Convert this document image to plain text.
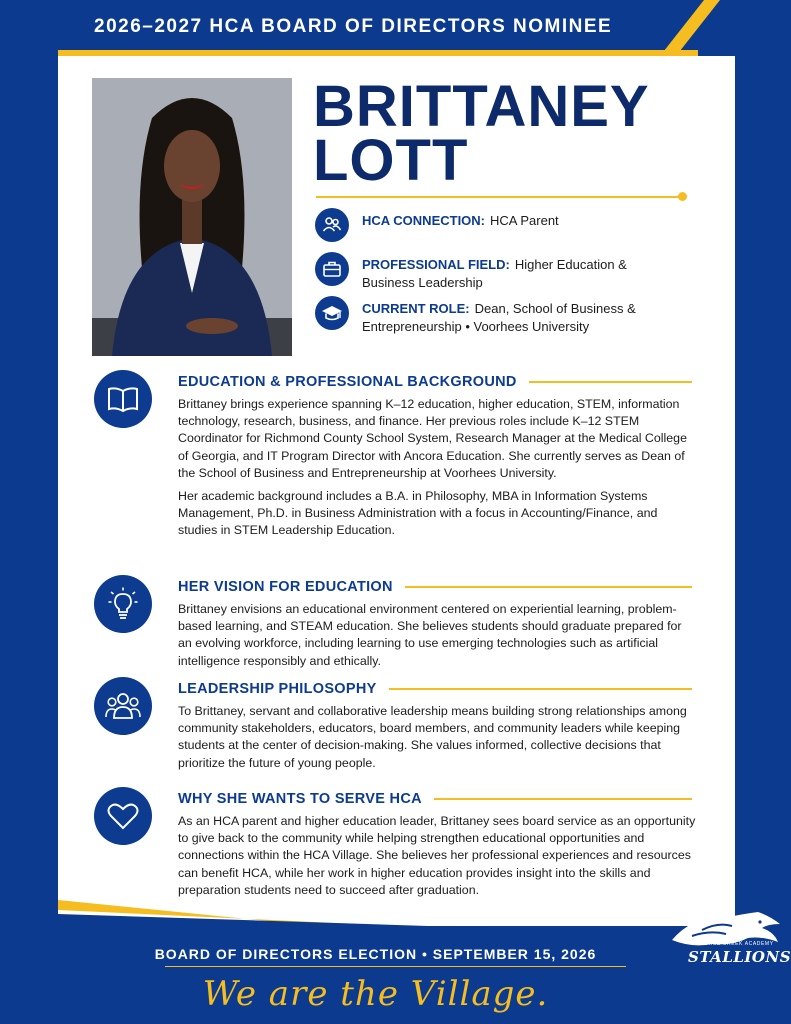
2026–2027 HCA BOARD OF DIRECTORS NOMINEE
BRITTANEY
LOTT
HCA CONNECTION: HCA Parent
PROFESSIONAL FIELD: Higher Education & Business Leadership
CURRENT ROLE: Dean, School of Business & Entrepreneurship • Voorhees University
EDUCATION & PROFESSIONAL BACKGROUND

Brittaney brings experience spanning K–12 education, higher education, STEM, information technology, research, business, and finance. Her previous roles include K–12 STEM Coordinator for Richmond County School System, Research Manager at the Medical College of Georgia, and IT Program Director with Ancora Education. She currently serves as Dean of the School of Business and Entrepreneurship at Voorhees University.

Her academic background includes a B.A. in Philosophy, MBA in Information Systems Management, Ph.D. in Business Administration with a focus in Accounting/Finance, and studies in STEM Leadership Education.

HER VISION FOR EDUCATION

Brittaney envisions an educational environment centered on experiential learning, problem-based learning, and STEAM education. She believes students should graduate prepared for an evolving workforce, including learning to use emerging technologies such as artificial intelligence responsibly and ethically.

LEADERSHIP PHILOSOPHY

To Brittaney, servant and collaborative leadership means building strong relationships among community stakeholders, educators, board members, and community leaders while keeping students at the center of decision-making. She values informed, collective decisions that prioritize the future of young people.

WHY SHE WANTS TO SERVE HCA

As an HCA parent and higher education leader, Brittaney sees board service as an opportunity to give back to the community while helping strengthen educational opportunities and connections within the HCA Village. She believes her professional experiences and resources can benefit HCA, while her work in higher education provides insight into the skills and preparation students need to succeed after graduation.

BOARD OF DIRECTORS ELECTION • SEPTEMBER 15, 2026
We are the Village.
HORSE CREEK ACADEMY
STALLIONS
